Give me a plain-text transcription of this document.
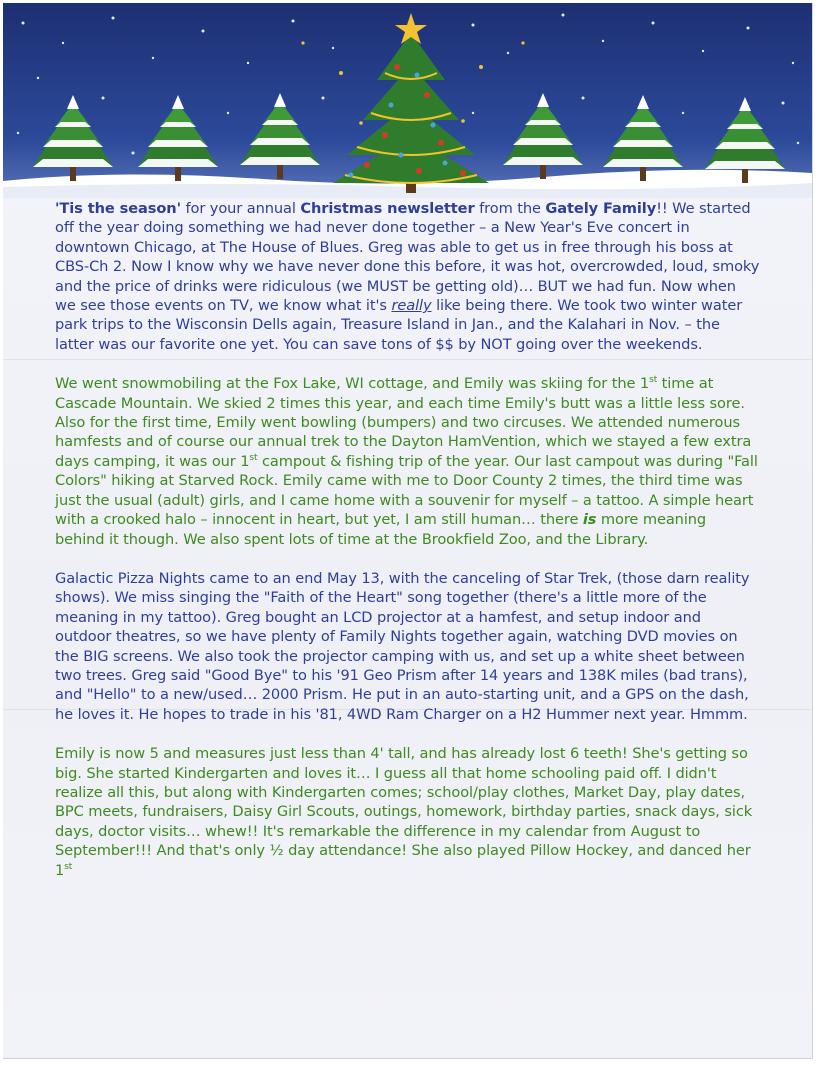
'Tis the season' for your annual Christmas newsletter from the Gately Family!! We started off the year doing something we had never done together – a New Year's Eve concert in downtown Chicago, at The House of Blues. Greg was able to get us in free through his boss at CBS-Ch 2. Now I know why we have never done this before, it was hot, overcrowded, loud, smoky and the price of drinks were ridiculous (we MUST be getting old)… BUT we had fun. Now when we see those events on TV, we know what it's really like being there. We took two winter water park trips to the Wisconsin Dells again, Treasure Island in Jan., and the Kalahari in Nov. – the latter was our favorite one yet. You can save tons of $$ by NOT going over the weekends.

We went snowmobiling at the Fox Lake, WI cottage, and Emily was skiing for the 1st time at Cascade Mountain. We skied 2 times this year, and each time Emily's butt was a little less sore. Also for the first time, Emily went bowling (bumpers) and two circuses. We attended numerous hamfests and of course our annual trek to the Dayton HamVention, which we stayed a few extra days camping, it was our 1st campout & fishing trip of the year. Our last campout was during "Fall Colors" hiking at Starved Rock. Emily came with me to Door County 2 times, the third time was just the usual (adult) girls, and I came home with a souvenir for myself – a tattoo. A simple heart with a crooked halo – innocent in heart, but yet, I am still human… there is more meaning behind it though. We also spent lots of time at the Brookfield Zoo, and the Library.

Galactic Pizza Nights came to an end May 13, with the canceling of Star Trek, (those darn reality shows). We miss singing the "Faith of the Heart" song together (there's a little more of the meaning in my tattoo). Greg bought an LCD projector at a hamfest, and setup indoor and outdoor theatres, so we have plenty of Family Nights together again, watching DVD movies on the BIG screens. We also took the projector camping with us, and set up a white sheet between two trees. Greg said "Good Bye" to his '91 Geo Prism after 14 years and 138K miles (bad trans), and "Hello" to a new/used… 2000 Prism. He put in an auto-starting unit, and a GPS on the dash, he loves it. He hopes to trade in his '81, 4WD Ram Charger on a H2 Hummer next year. Hmmm.

Emily is now 5 and measures just less than 4' tall, and has already lost 6 teeth! She's getting so big. She started Kindergarten and loves it… I guess all that home schooling paid off. I didn't realize all this, but along with Kindergarten comes; school/play clothes, Market Day, play dates, BPC meets, fundraisers, Daisy Girl Scouts, outings, homework, birthday parties, snack days, sick days, doctor visits… whew!! It's remarkable the difference in my calendar from August to September!!! And that's only ½ day attendance! She also played Pillow Hockey, and danced her 1st
